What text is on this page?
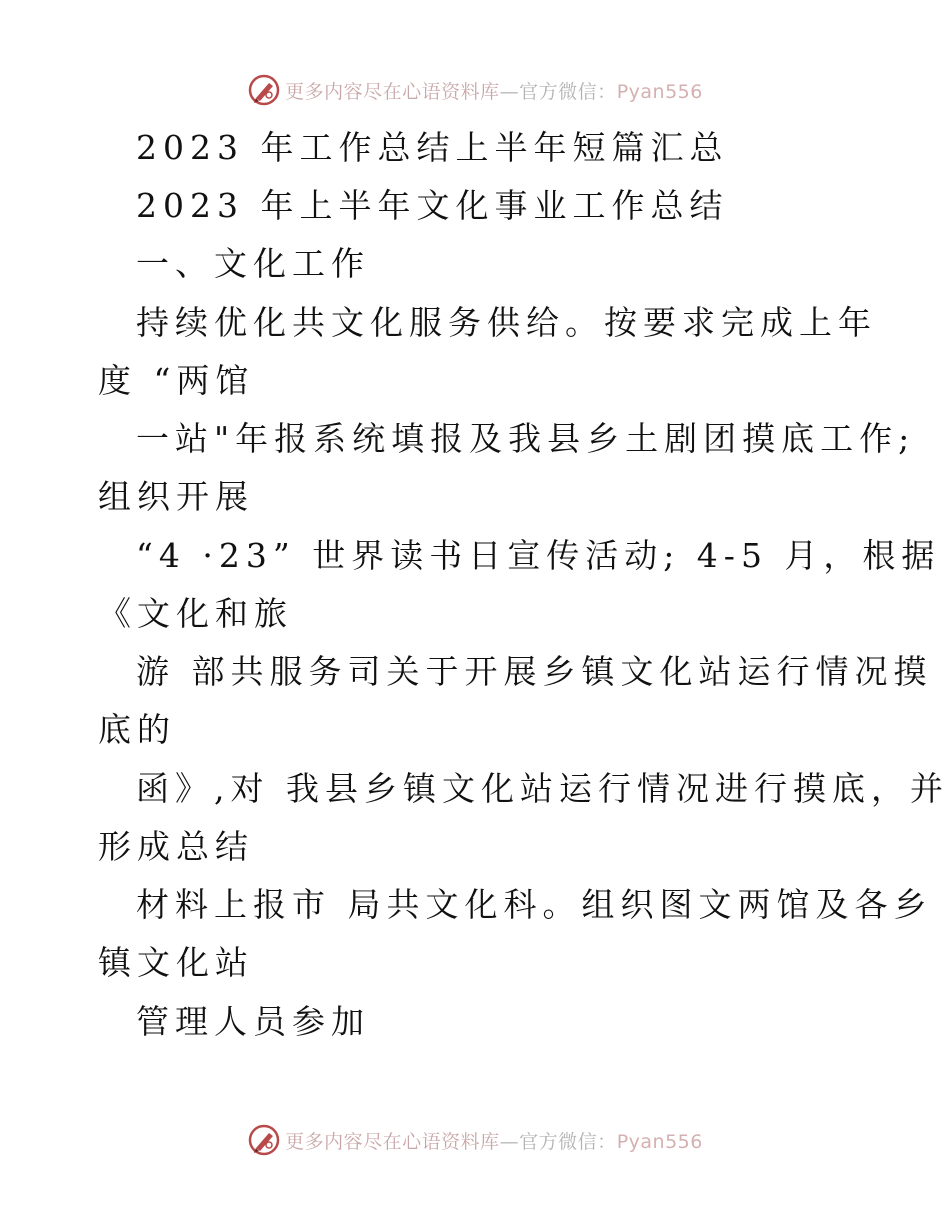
更多内容尽在心语资料库—官方微信：Pyan556
2023 年工作总结上半年短篇汇总
2023 年上半年文化事业工作总结
一、文化工作
持续优化共文化服务供给。按要求完成上年
度 “两馆
一站"年报系统填报及我县乡土剧团摸底工作;
组织开展
“4 ·23” 世界读书日宣传活动; 4-5 月，根据
《文化和旅
游 部共服务司关于开展乡镇文化站运行情况摸
底的
函》,对 我县乡镇文化站运行情况进行摸底，并
形成总结
材料上报市 局共文化科。组织图文两馆及各乡
镇文化站
管理人员参加
更多内容尽在心语资料库—官方微信：Pyan556
